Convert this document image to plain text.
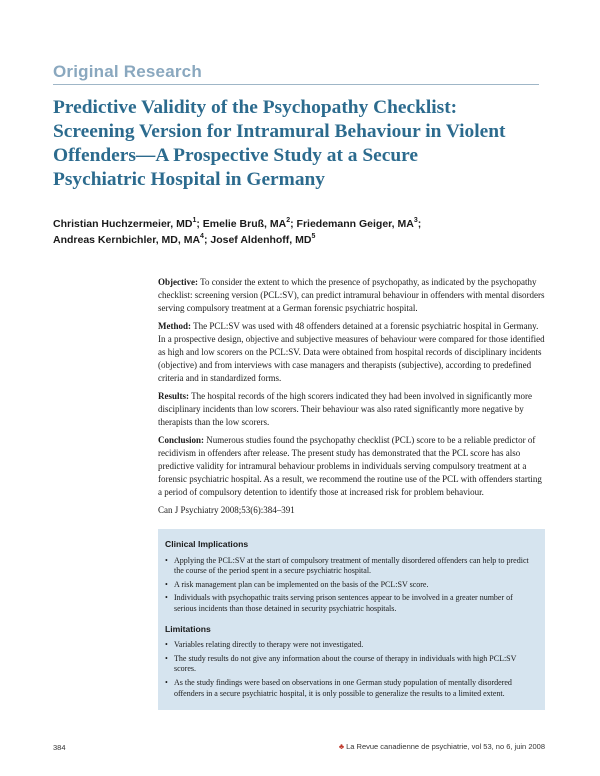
Original Research
Predictive Validity of the Psychopathy Checklist:
Screening Version for Intramural Behaviour in Violent
Offenders—A Prospective Study at a Secure
Psychiatric Hospital in Germany
Christian Huchzermeier, $MD^1$; Emelie Bruß, $MA^2$; Friedemann Geiger, $MA^3$;
Andreas Kernbichler, MD, $MA^4$; Josef Aldenhoff, $MD^5$

Objective: To consider the extent to which the presence of psychopathy, as indicated by the psychopathy checklist: screening version (PCL:SV), can predict intramural behaviour in offenders with mental disorders serving compulsory treatment at a German forensic psychiatric hospital.

Method: The PCL:SV was used with 48 offenders detained at a forensic psychiatric hospital in Germany. In a prospective design, objective and subjective measures of behaviour were compared for those identified as high and low scorers on the PCL:SV. Data were obtained from hospital records of disciplinary incidents (objective) and from interviews with case managers and therapists (subjective), according to predefined criteria and in standardized forms.

Results: The hospital records of the high scorers indicated they had been involved in significantly more disciplinary incidents than low scorers. Their behaviour was also rated significantly more negative by therapists than the low scorers.

Conclusion: Numerous studies found the psychopathy checklist (PCL) score to be a reliable predictor of recidivism in offenders after release. The present study has demonstrated that the PCL score has also predictive validity for intramural behaviour problems in individuals serving compulsory treatment at a forensic psychiatric hospital. As a result, we recommend the routine use of the PCL with offenders starting a period of compulsory detention to identify those at increased risk for problem behaviour.

Can J Psychiatry 2008;53(6):384–391
Clinical Implications
• Applying the PCL:SV at the start of compulsory treatment of mentally disordered offenders can help to predict the course of the period spent in a secure psychiatric hospital.
• A risk management plan can be implemented on the basis of the PCL:SV score.
• Individuals with psychopathic traits serving prison sentences appear to be involved in a greater number of serious incidents than those detained in security psychiatric hospitals.
Limitations
• Variables relating directly to therapy were not investigated.
• The study results do not give any information about the course of therapy in individuals with high PCL:SV scores.
• As the study findings were based on observations in one German study population of mentally disordered offenders in a secure psychiatric hospital, it is only possible to generalize the results to a limited extent.
384	♣ La Revue canadienne de psychiatrie, vol 53, no 6, juin 2008
